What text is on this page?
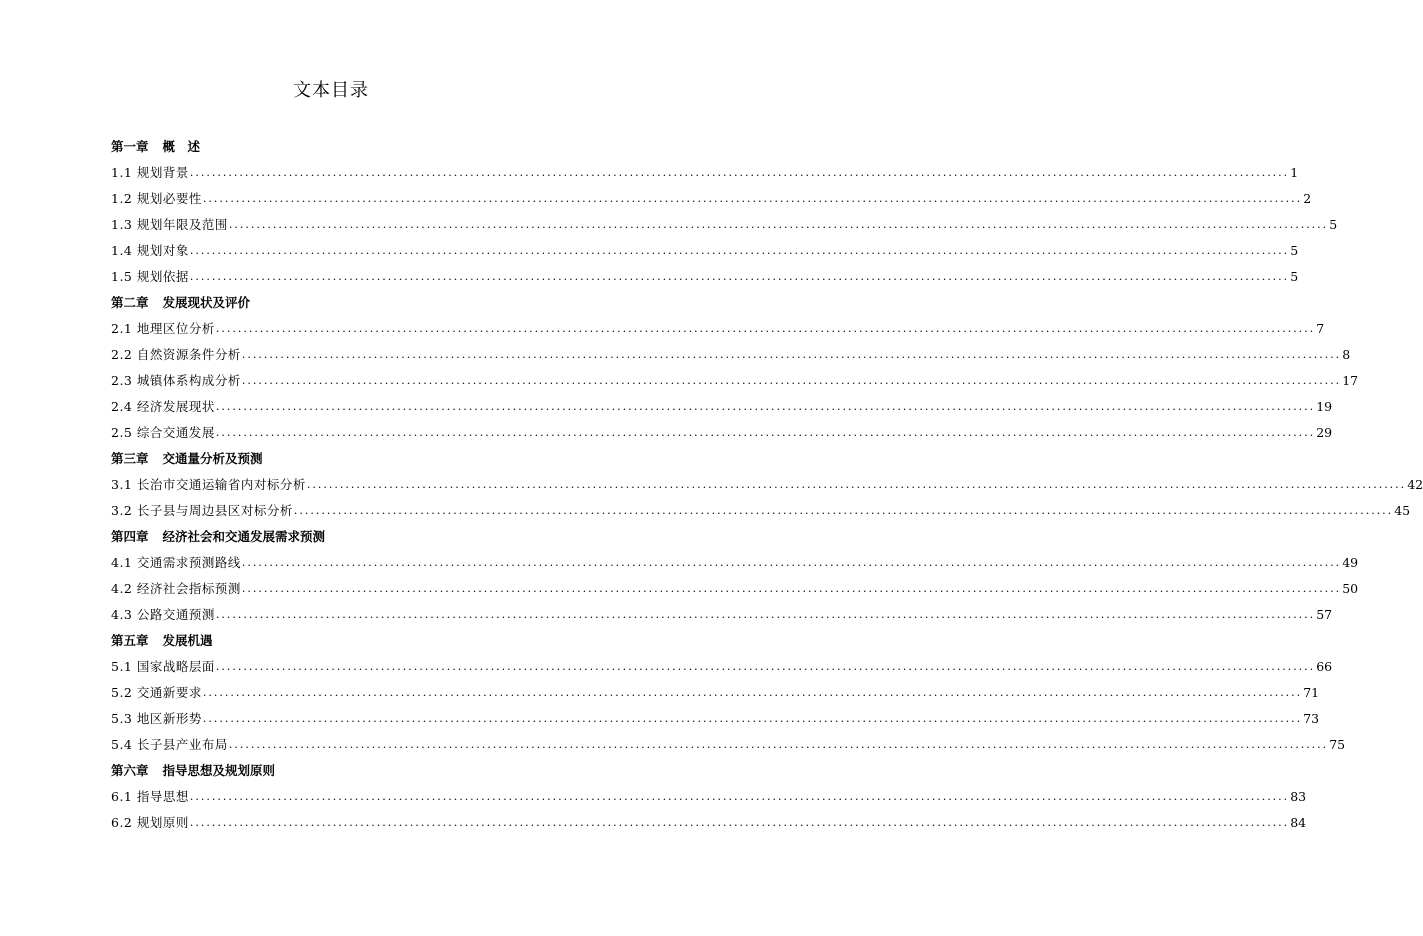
文本目录
第一章 概　述
1.1 规划背景 ........................................................................................................................................................................................................ 1
1.2 规划必要性 ........................................................................................................................................................................................................ 2
1.3 规划年限及范围 ........................................................................................................................................................................................................ 5
1.4 规划对象 ........................................................................................................................................................................................................ 5
1.5 规划依据 ........................................................................................................................................................................................................ 5
第二章 发展现状及评价
2.1 地理区位分析 ........................................................................................................................................................................................................ 7
2.2 自然资源条件分析 ........................................................................................................................................................................................................ 8
2.3 城镇体系构成分析 ........................................................................................................................................................................................................ 17
2.4 经济发展现状 ........................................................................................................................................................................................................ 19
2.5 综合交通发展 ........................................................................................................................................................................................................ 29
第三章 交通量分析及预测
3.1 长治市交通运输省内对标分析 ........................................................................................................................................................................................................ 42
3.2 长子县与周边县区对标分析 ........................................................................................................................................................................................................ 45
第四章 经济社会和交通发展需求预测
4.1 交通需求预测路线 ........................................................................................................................................................................................................ 49
4.2 经济社会指标预测 ........................................................................................................................................................................................................ 50
4.3 公路交通预测 ........................................................................................................................................................................................................ 57
第五章 发展机遇
5.1 国家战略层面 ........................................................................................................................................................................................................ 66
5.2 交通新要求 ........................................................................................................................................................................................................ 71
5.3 地区新形势 ........................................................................................................................................................................................................ 73
5.4 长子县产业布局 ........................................................................................................................................................................................................ 75
第六章 指导思想及规划原则
6.1 指导思想 ........................................................................................................................................................................................................ 83
6.2 规划原则 ........................................................................................................................................................................................................ 84
